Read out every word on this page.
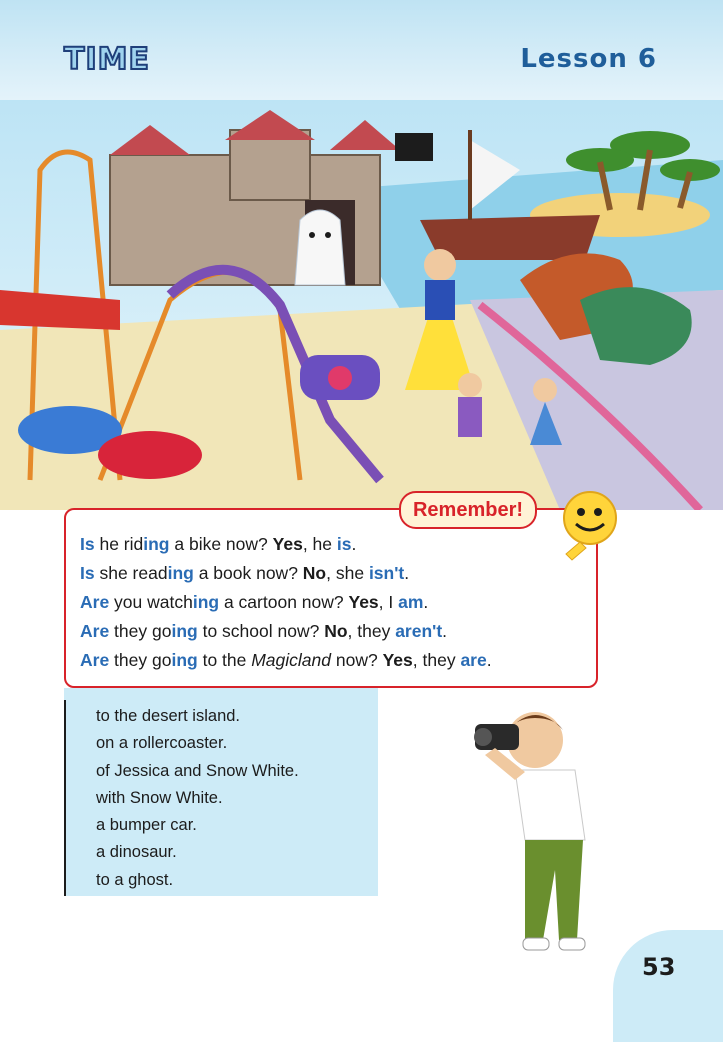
TIME	Lesson 6
Remember!
Is he riding a bike now? Yes, he is.
Is she reading a book now? No, she isn't.
Are you watching a cartoon now? Yes, I am.
Are they going to school now? No, they aren't.
Are they going to the Magicland now? Yes, they are.
to the desert island.
on a rollercoaster.
of Jessica and Snow White.
with Snow White.
a bumper car.
a dinosaur.
to a ghost.
53
